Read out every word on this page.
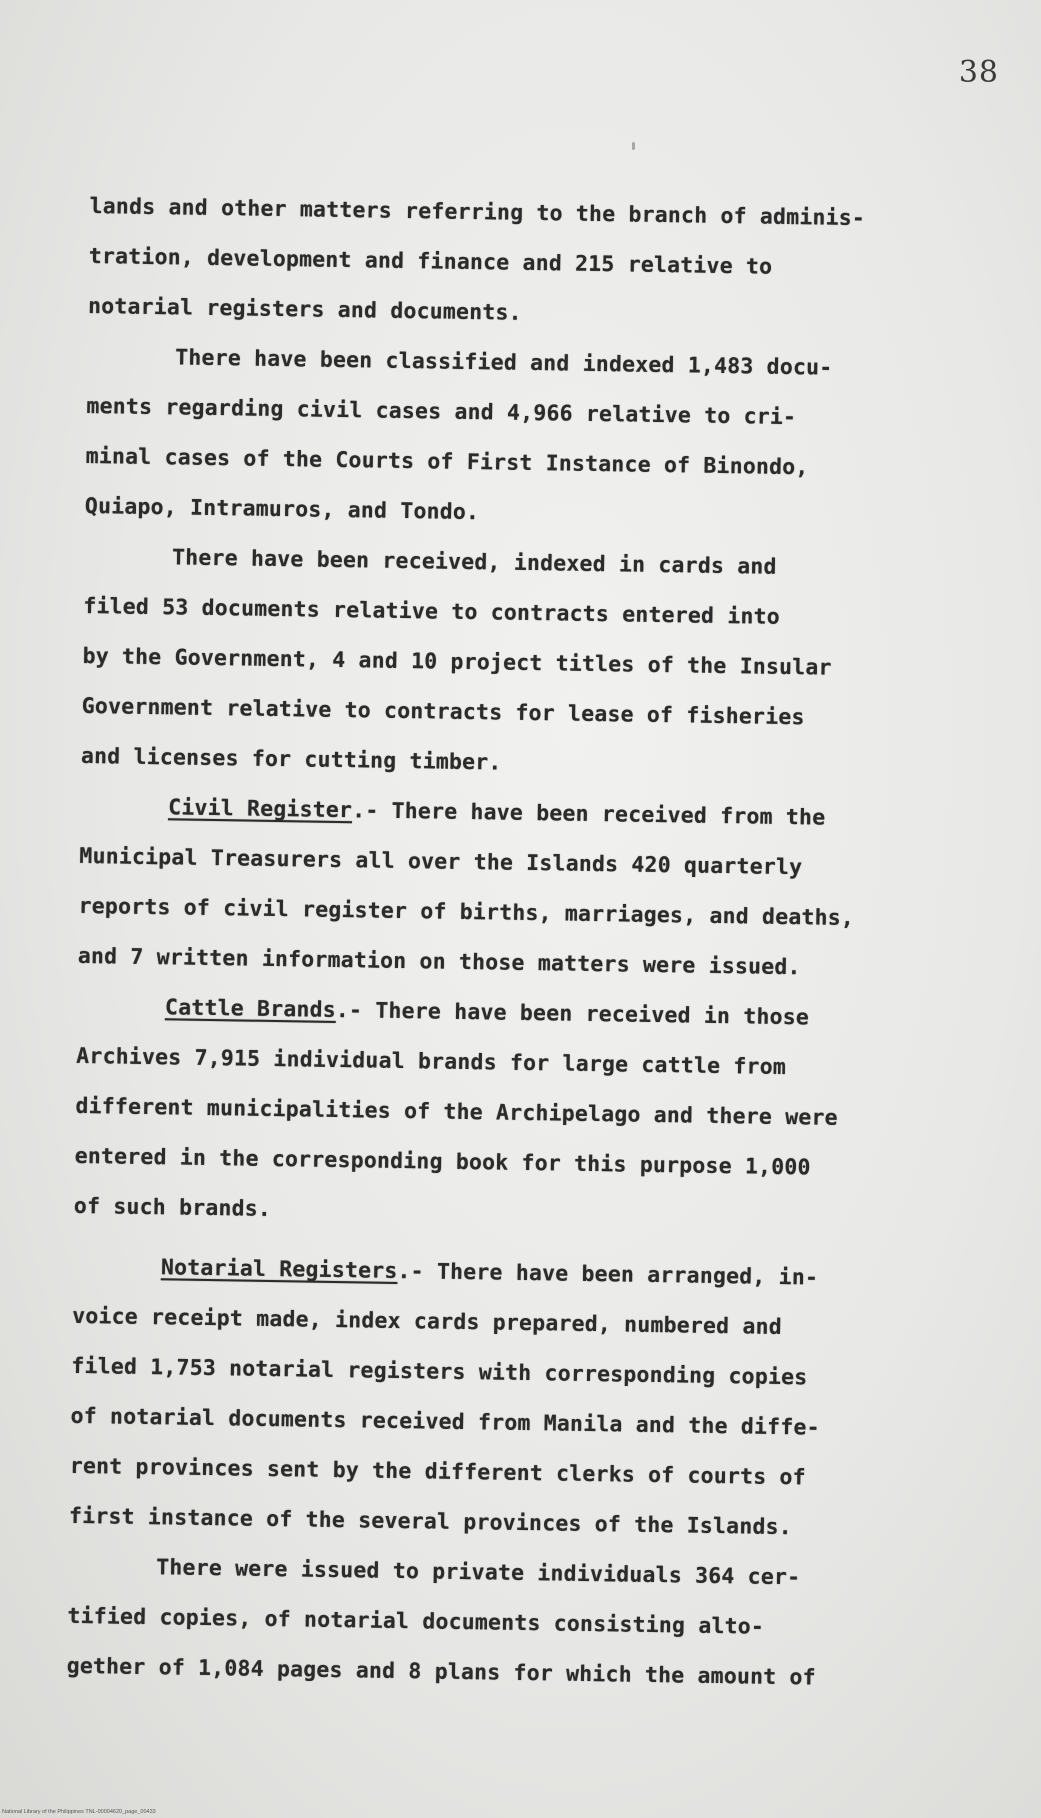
38
lands and other matters referring to the branch of adminis-
tration, development and finance and 215 relative to
notarial registers and documents.
There have been classified and indexed 1,483 docu-
ments regarding civil cases and 4,966 relative to cri-
minal cases of the Courts of First Instance of Binondo,
Quiapo, Intramuros, and Tondo.
There have been received, indexed in cards and
filed 53 documents relative to contracts entered into
by the Government, 4 and 10 project titles of the Insular
Government relative to contracts for lease of fisheries
and licenses for cutting timber.
Civil Register.- There have been received from the
Municipal Treasurers all over the Islands 420 quarterly
reports of civil register of births, marriages, and deaths,
and 7 written information on those matters were issued.
Cattle Brands.- There have been received in those
Archives 7,915 individual brands for large cattle from
different municipalities of the Archipelago and there were
entered in the corresponding book for this purpose 1,000
of such brands.
Notarial Registers.- There have been arranged, in-
voice receipt made, index cards prepared, numbered and
filed 1,753 notarial registers with corresponding copies
of notarial documents received from Manila and the diffe-
rent provinces sent by the different clerks of courts of
first instance of the several provinces of the Islands.
There were issued to private individuals 364 cer-
tified copies, of notarial documents consisting alto-
gether of 1,084 pages and 8 plans for which the amount of
National Library of the Philippines TNL-00004620_page_00433
